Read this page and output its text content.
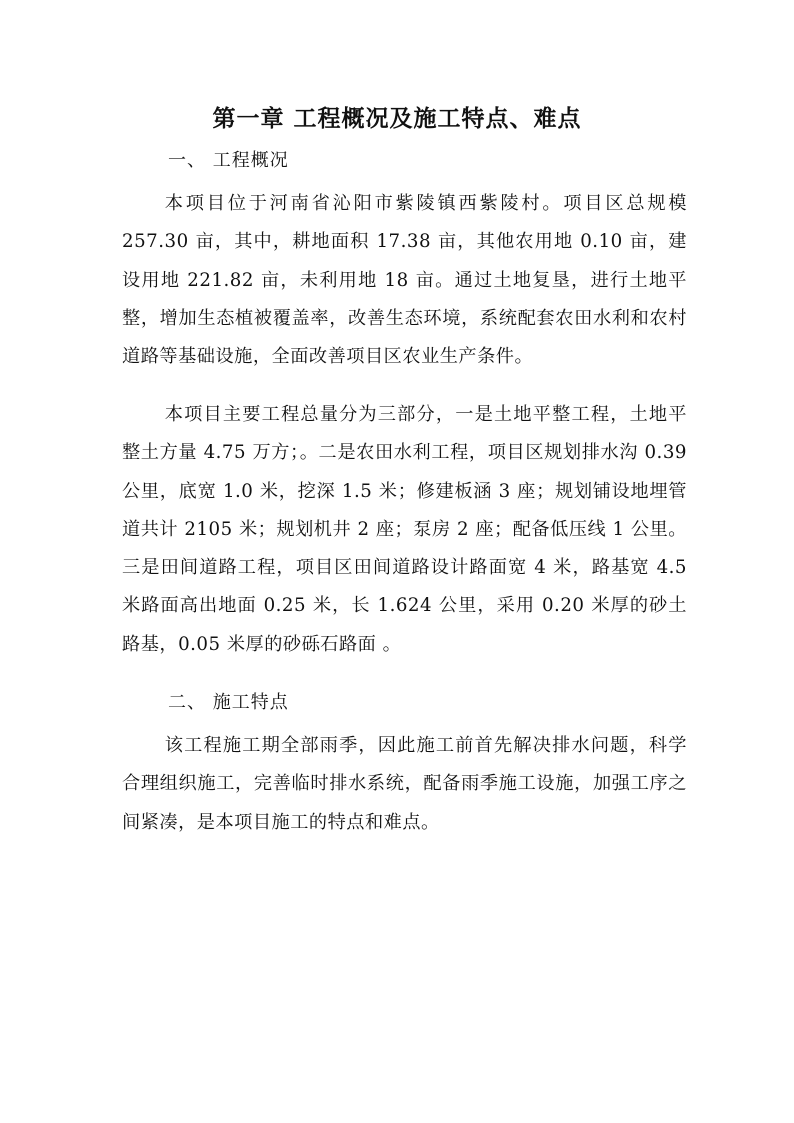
第一章 工程概况及施工特点、难点
一、 工程概况

本项目位于河南省沁阳市紫陵镇西紫陵村。项目区总规模 257.30 亩，其中，耕地面积 17.38 亩，其他农用地 0.10 亩，建设用地 221.82 亩，未利用地 18 亩。通过土地复垦，进行土地平整，增加生态植被覆盖率，改善生态环境，系统配套农田水利和农村道路等基础设施，全面改善项目区农业生产条件。

本项目主要工程总量分为三部分，一是土地平整工程，土地平整土方量 4.75 万方；。二是农田水利工程，项目区规划排水沟 0.39 公里，底宽 1.0 米，挖深 1.5 米；修建板涵 3 座；规划铺设地埋管道共计 2105 米；规划机井 2 座；泵房 2 座；配备低压线 1 公里。三是田间道路工程，项目区田间道路设计路面宽 4 米，路基宽 4.5 米路面高出地面 0.25 米，长 1.624 公里，采用 0.20 米厚的砂土路基，0.05 米厚的砂砾石路面 。

二、 施工特点

该工程施工期全部雨季，因此施工前首先解决排水问题，科学合理组织施工，完善临时排水系统，配备雨季施工设施，加强工序之间紧凑，是本项目施工的特点和难点。
